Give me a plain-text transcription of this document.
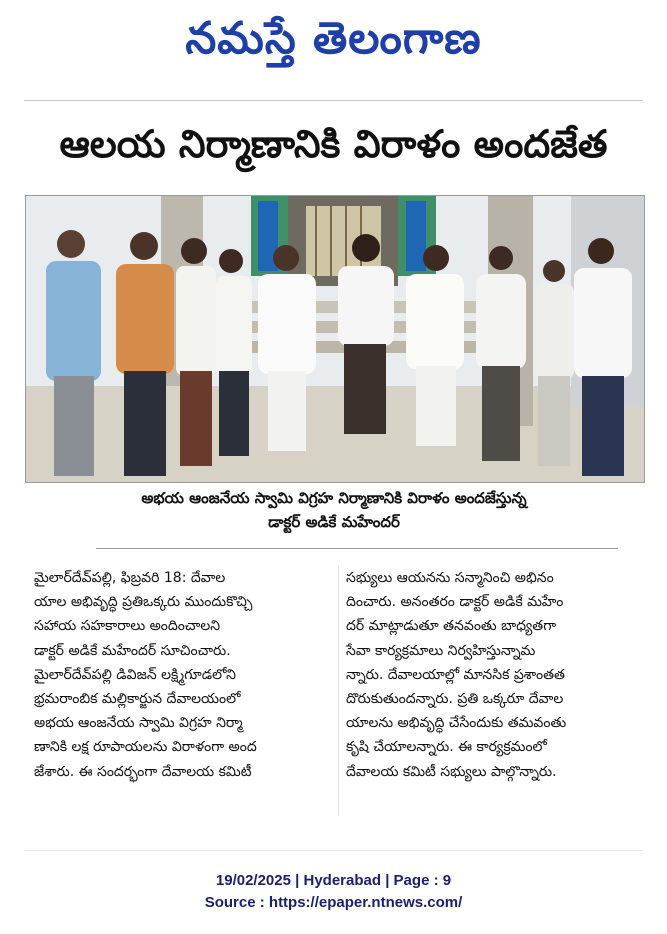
నమస్తే తెలంగాణ
ఆలయ నిర్మాణానికి విరాళం అందజేత
అభయ ఆంజనేయ స్వామి విగ్రహ నిర్మాణానికి విరాళం అందజేస్తున్న
డాక్టర్ అడికే మహేందర్
మైలార్‌దేవ్‌పల్లి, ఫిబ్రవరి 18: దేవాల
యాల అభివృద్ధి ప్రతిఒక్కరు ముందుకొచ్చి
సహాయ సహకారాలు అందించాలని
డాక్టర్ అడికే మహేందర్ సూచించారు.
మైలార్‌దేవ్‌పల్లి డివిజన్ లక్ష్మిగూడలోని
భ్రమరాంబిక మల్లికార్జున దేవాలయంలో
అభయ ఆంజనేయ స్వామి విగ్రహ నిర్మా
ణానికి లక్ష రూపాయలను విరాళంగా అంద
జేశారు. ఈ సందర్భంగా దేవాలయ కమిటీ
సభ్యులు ఆయనను సన్మానించి అభినం
దించారు. అనంతరం డాక్టర్ అడికే మహేం
దర్ మాట్లాడుతూ తనవంతు బాధ్యతగా
సేవా కార్యక్రమాలు నిర్వహిస్తున్నామ
న్నారు. దేవాలయాల్లో మానసిక ప్రశాంతత
దొరుకుతుందన్నారు. ప్రతి ఒక్కరూ దేవాల
యాలను అభివృద్ధి చేసేందుకు తమవంతు
కృషి చేయాలన్నారు. ఈ కార్యక్రమంలో
దేవాలయ కమిటీ సభ్యులు పాల్గొన్నారు.
19/02/2025 | Hyderabad | Page : 9
Source : https://epaper.ntnews.com/
